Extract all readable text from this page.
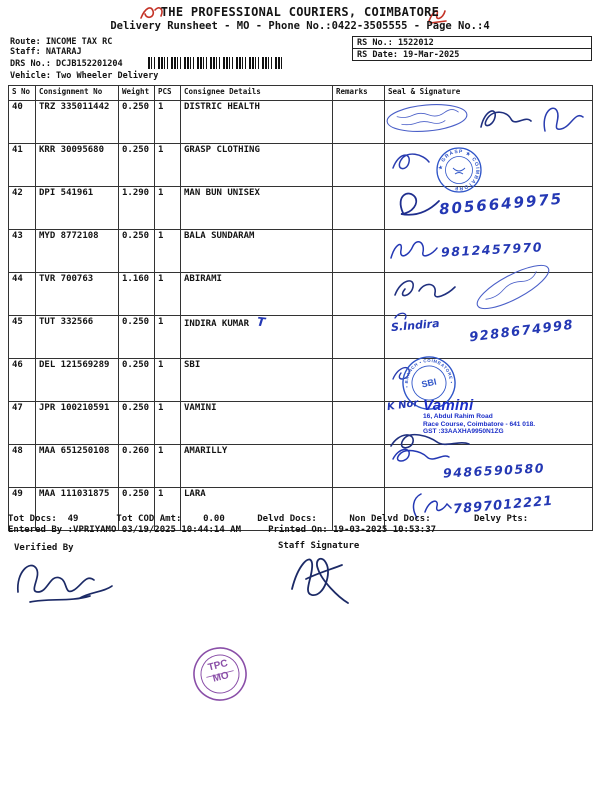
THE PROFESSIONAL COURIERS, COIMBATORE
Delivery Runsheet - MO - Phone No.:0422-3505555 - Page No.:4
Route: INCOME TAX RC
Staff: NATARAJ
DRS No.: DCJB152201204
Vehicle: Two Wheeler Delivery
RS No.: 1522012
RS Date: 19-Mar-2025
S No	Consignment No	Weight	PCS	Consignee Details	Remarks	Seal & Signature
40	TRZ 335011442	0.250	1	DISTRIC HEALTH		

41	KRR 30095680	0.250	1	GRASP CLOTHING		★ GRASP ★ COIMBATORE

42	DPI 541961	1.290	1	MAN BUN UNISEX		8056649975

43	MYD 8772108	0.250	1	BALA SUNDARAM		9812457970

44	TVR 700763	1.160	1	ABIRAMI		

45	TUT 332566	0.250	1	INDIRA KUMAR T		S.Indira 9288674998

46	DEL 121569289	0.250	1	SBI		• BRANCH • COIMBATORE •
SBI

47	JPR 100210591	0.250	1	VAMINI		K Nor Vamini
16, Abdul Rahim Road
Race Course, Coimbatore - 641 018.
GST :33AAXHA9950N1ZG

48	MAA 651250108	0.260	1	AMARILLY		9486590580

49	MAA 111031875	0.250	1	LARA		7897012221
Tot Docs:  49       Tot COD Amt:    0.00      Delvd Docs:      Non Delvd Docs:        Delvy Pts:
Entered By :VPRIYAMO 03/19/2025 10:44:14 AM     Printed On: 19-03-2025 10:53:37
Verified By	Staff Signature
TPC
MO
